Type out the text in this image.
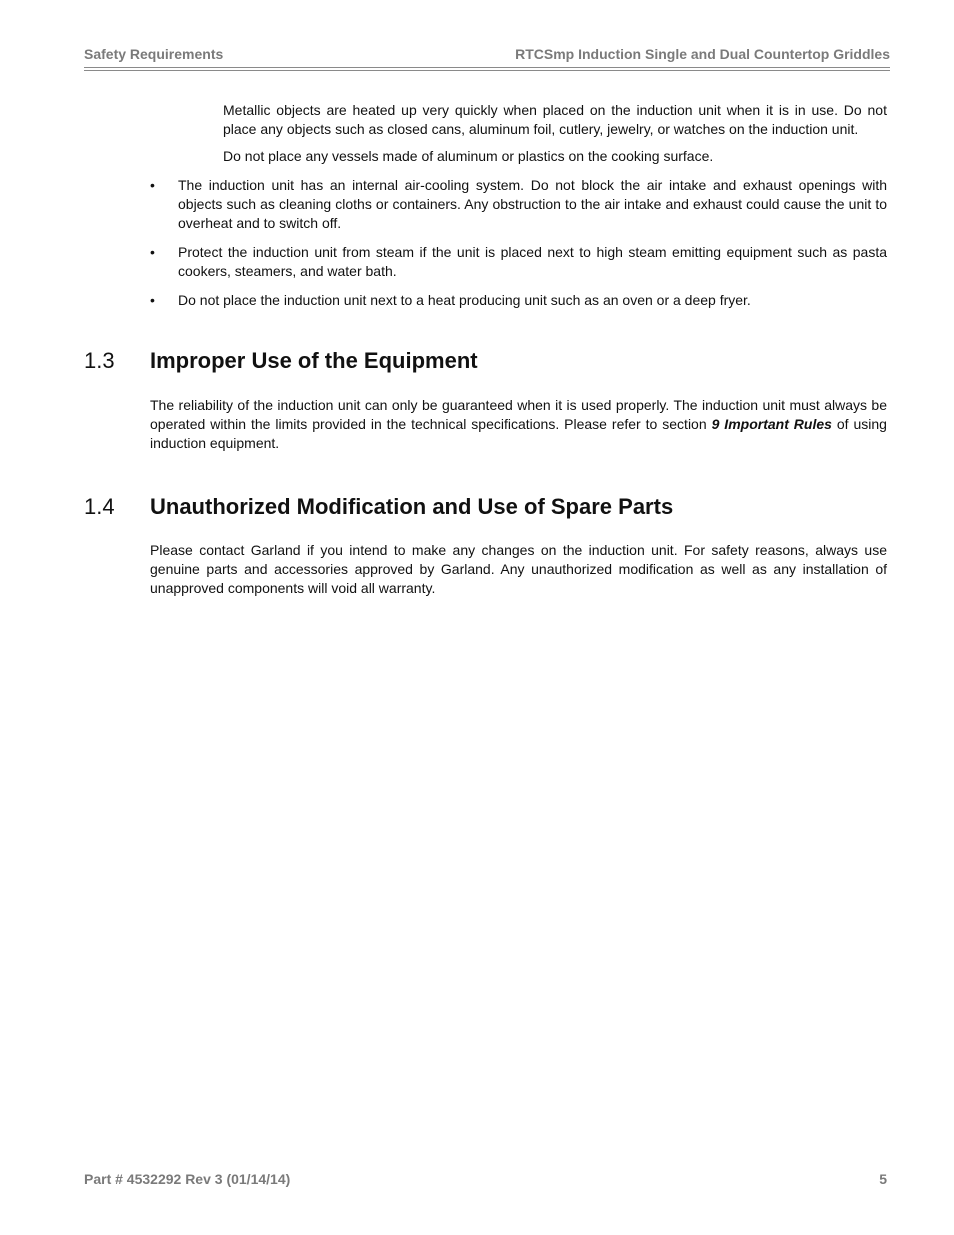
Safety Requirements	RTCSmp Induction Single and Dual Countertop Griddles

Metallic objects are heated up very quickly when placed on the induction unit when it is in use. Do not place any objects such as closed cans, aluminum foil, cutlery, jewelry, or watches on the induction unit.

Do not place any vessels made of aluminum or plastics on the cooking surface.

•	The induction unit has an internal air-cooling system. Do not block the air intake and exhaust openings with objects such as cleaning cloths or containers. Any obstruction to the air intake and exhaust could cause the unit to overheat and to switch off.
•	Protect the induction unit from steam if the unit is placed next to high steam emitting equipment such as pasta cookers, steamers, and water bath.
•	Do not place the induction unit next to a heat producing unit such as an oven or a deep fryer.
1.3 Improper Use of the Equipment

The reliability of the induction unit can only be guaranteed when it is used properly. The induction unit must always be operated within the limits provided in the technical specifications. Please refer to section 9 Important Rules of using induction equipment.

1.4 Unauthorized Modification and Use of Spare Parts

Please contact Garland if you intend to make any changes on the induction unit. For safety reasons, always use genuine parts and accessories approved by Garland. Any unauthorized modification as well as any installation of unapproved components will void all warranty.

Part # 4532292 Rev 3 (01/14/14)	5
